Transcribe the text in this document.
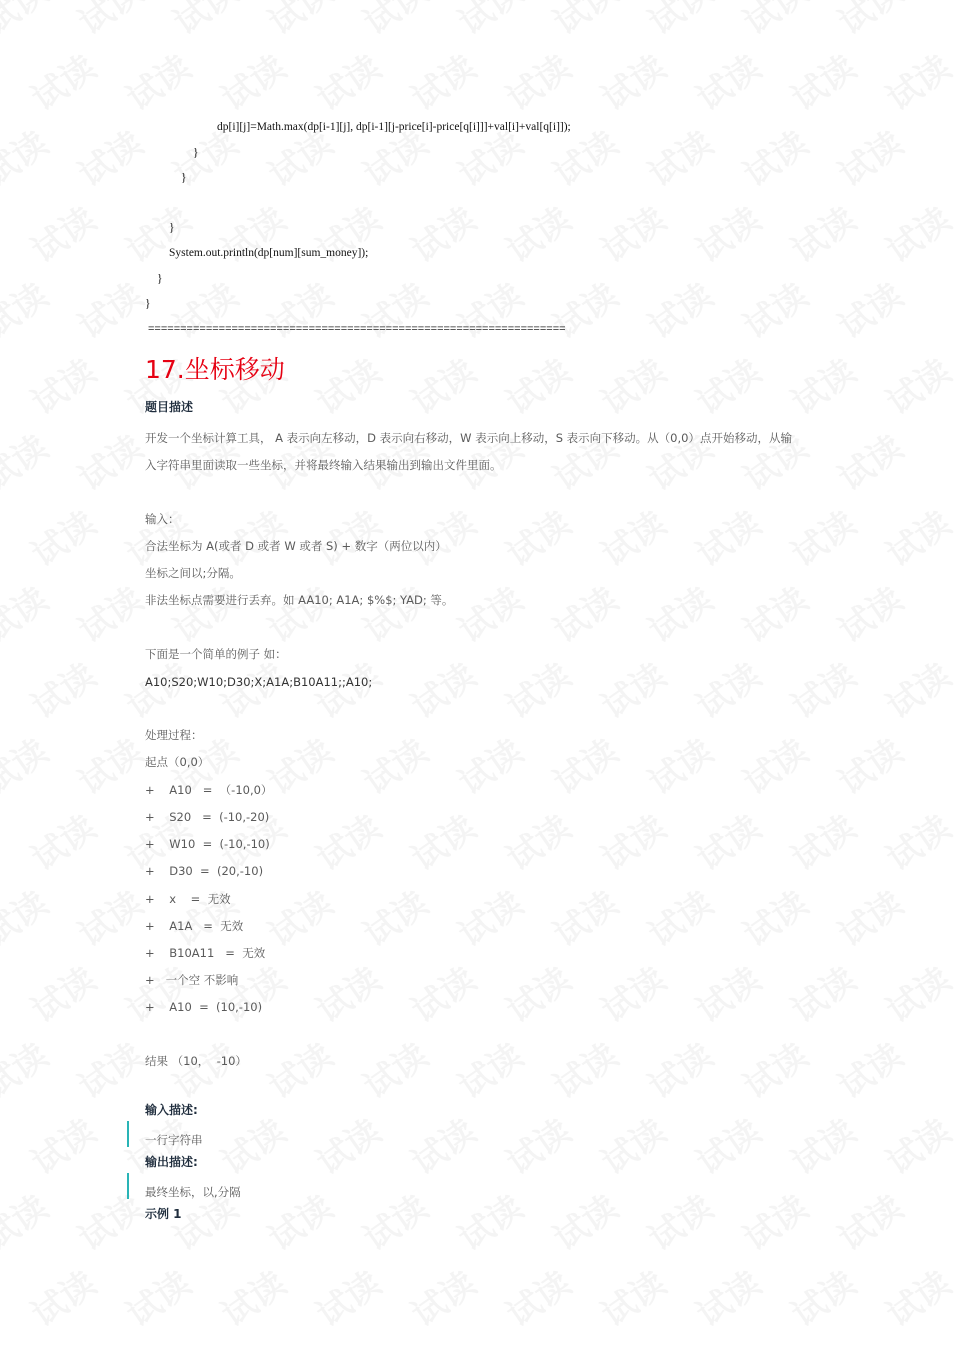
dp[i][j]=Math.max(dp[i-1][j], dp[i-1][j-price[i]-price[q[i]]]+val[i]+val[q[i]]);
}
}
}
System.out.println(dp[num][sum_money]);
}
}
=================================================================
17.坐标移动
题目描述
开发一个坐标计算工具， A 表示向左移动，D 表示向右移动，W 表示向上移动，S 表示向下移动。从（0,0）点开始移动，从输
入字符串里面读取一些坐标，并将最终输入结果输出到输出文件里面。
输入：
合法坐标为 A(或者 D 或者 W 或者 S) + 数字（两位以内）
坐标之间以;分隔。
非法坐标点需要进行丢弃。如 AA10; A1A; $%$; YAD; 等。
下面是一个简单的例子 如：
A10;S20;W10;D30;X;A1A;B10A11;;A10;
处理过程：
起点（0,0）
+    A10   =  （-10,0）
+    S20   =  (-10,-20)
+    W10  =  (-10,-10)
+    D30  =  (20,-10)
+    x    =  无效
+    A1A   =  无效
+    B10A11   =  无效
+   一个空 不影响
+    A10  =  (10,-10)
结果 （10，  -10）
输入描述:
一行字符串
输出描述:
最终坐标，以,分隔
示例 1
